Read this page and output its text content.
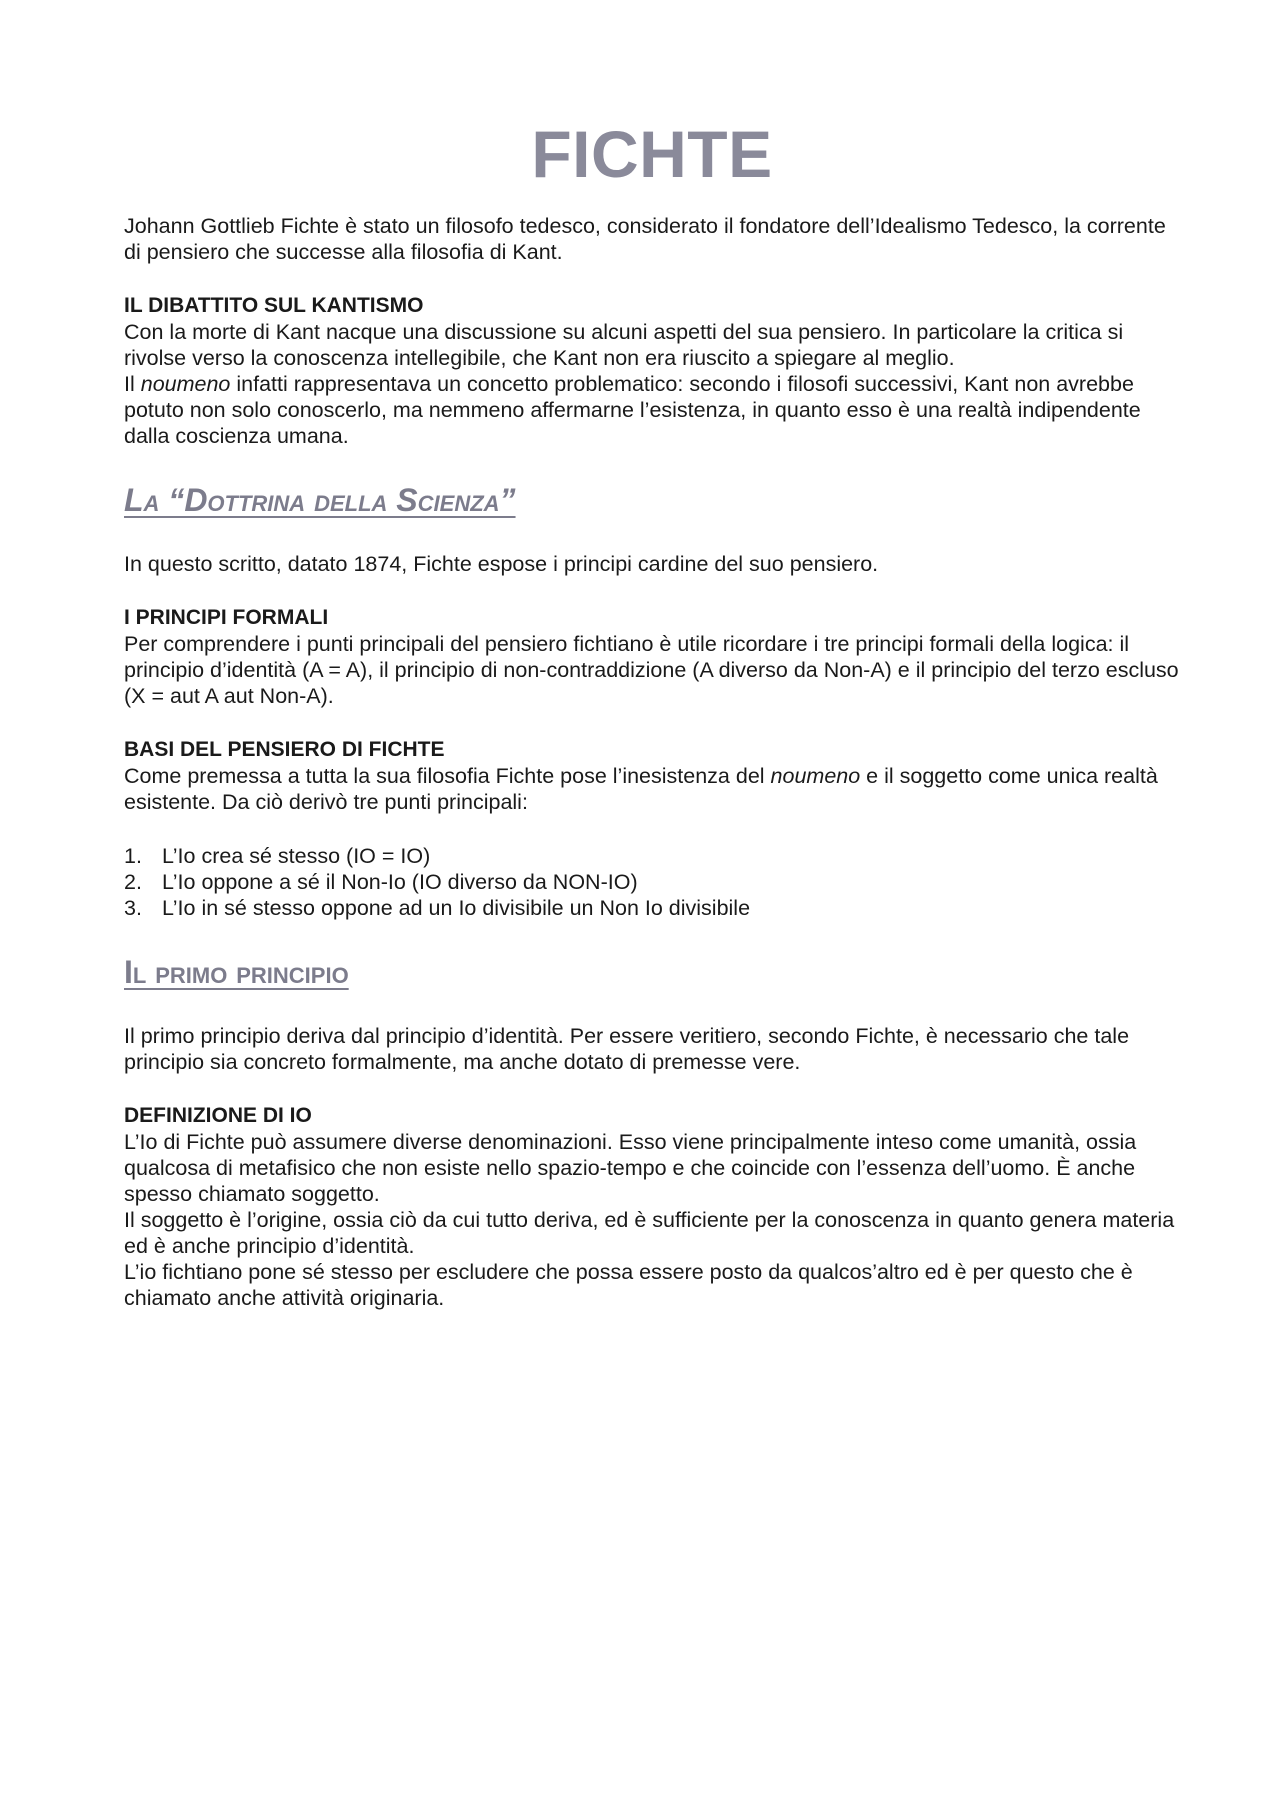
FICHTE

Johann Gottlieb Fichte è stato un filosofo tedesco, considerato il fondatore dell’Idealismo Tedesco, la corrente di pensiero che successe alla filosofia di Kant.

IL DIBATTITO SUL KANTISMO

Con la morte di Kant nacque una discussione su alcuni aspetti del sua pensiero. In particolare la critica si rivolse verso la conoscenza intellegibile, che Kant non era riuscito a spiegare al meglio.

Il noumeno infatti rappresentava un concetto problematico: secondo i filosofi successivi, Kant non avrebbe potuto non solo conoscerlo, ma nemmeno affermarne l’esistenza, in quanto esso è una realtà indipendente dalla coscienza umana.

La “Dottrina della Scienza”

In questo scritto, datato 1874, Fichte espose i principi cardine del suo pensiero.

I PRINCIPI FORMALI

Per comprendere i punti principali del pensiero fichtiano è utile ricordare i tre principi formali della logica: il principio d’identità (A = A), il principio di non-contraddizione (A diverso da Non-A) e il principio del terzo escluso (X = aut A aut Non-A).

BASI DEL PENSIERO DI FICHTE

Come premessa a tutta la sua filosofia Fichte pose l’inesistenza del noumeno e il soggetto come unica realtà esistente. Da ciò derivò tre punti principali:

1. L’Io crea sé stesso (IO = IO)
2. L’Io oppone a sé il Non-Io (IO diverso da NON-IO)
3. L’Io in sé stesso oppone ad un Io divisibile un Non Io divisibile
Il primo principio

Il primo principio deriva dal principio d’identità. Per essere veritiero, secondo Fichte, è necessario che tale principio sia concreto formalmente, ma anche dotato di premesse vere.

DEFINIZIONE DI IO

L’Io di Fichte può assumere diverse denominazioni. Esso viene principalmente inteso come umanità, ossia qualcosa di metafisico che non esiste nello spazio-tempo e che coincide con l’essenza dell’uomo. È anche spesso chiamato soggetto.

Il soggetto è l’origine, ossia ciò da cui tutto deriva, ed è sufficiente per la conoscenza in quanto genera materia ed è anche principio d’identità.

L’io fichtiano pone sé stesso per escludere che possa essere posto da qualcos’altro ed è per questo che è chiamato anche attività originaria.
